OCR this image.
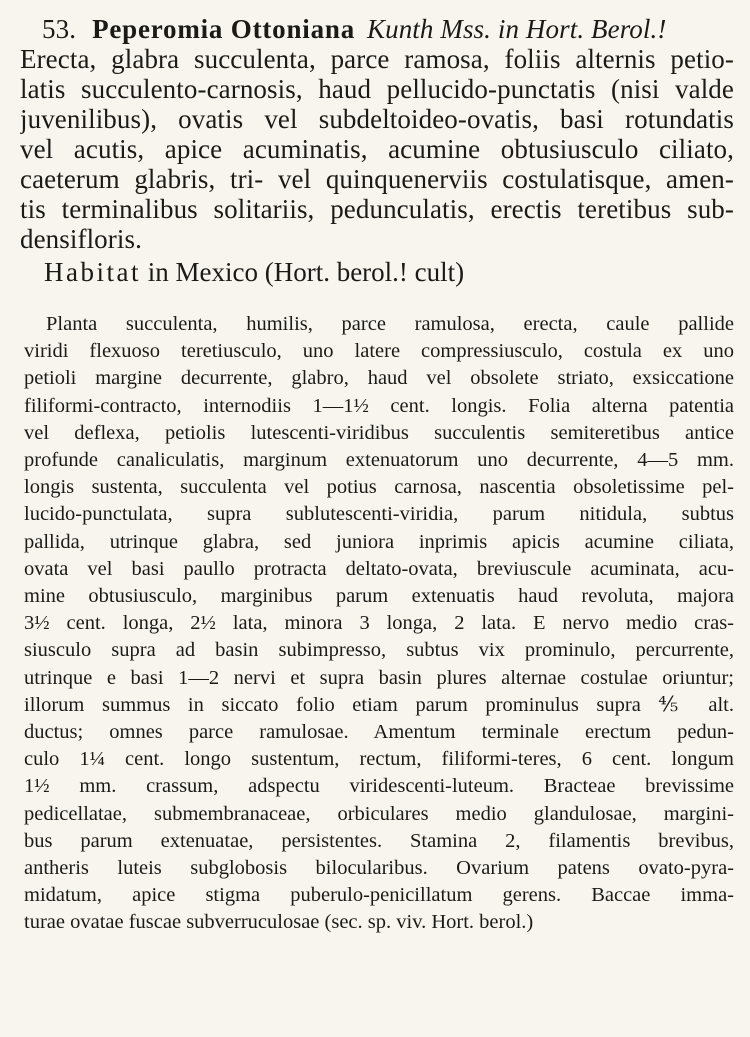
53. Peperomia Ottoniana Kunth Mss. in Hort. Berol.!
Erecta, glabra succulenta, parce ramosa, foliis alternis petio-
latis succulento-carnosis, haud pellucido-punctatis (nisi valde
juvenilibus), ovatis vel subdeltoideo-ovatis, basi rotundatis
vel acutis, apice acuminatis, acumine obtusiusculo ciliato,
caeterum glabris, tri- vel quinquenerviis costulatisque, amen-
tis terminalibus solitariis, pedunculatis, erectis teretibus sub-
densifloris.
Habitat in Mexico (Hort. berol.! cult)
Planta succulenta, humilis, parce ramulosa, erecta, caule pallide
viridi flexuoso teretiusculo, uno latere compressiusculo, costula ex uno
petioli margine decurrente, glabro, haud vel obsolete striato, exsiccatione
filiformi-contracto, internodiis 1—1½ cent. longis. Folia alterna patentia
vel deflexa, petiolis lutescenti-viridibus succulentis semiteretibus antice
profunde canaliculatis, marginum extenuatorum uno decurrente, 4—5 mm.
longis sustenta, succulenta vel potius carnosa, nascentia obsoletissime pel-
lucido-punctulata, supra sublutescenti-viridia, parum nitidula, subtus
pallida, utrinque glabra, sed juniora inprimis apicis acumine ciliata,
ovata vel basi paullo protracta deltato-ovata, breviuscule acuminata, acu-
mine obtusiusculo, marginibus parum extenuatis haud revoluta, majora
3½ cent. longa, 2½ lata, minora 3 longa, 2 lata. E nervo medio cras-
siusculo supra ad basin subimpresso, subtus vix prominulo, percurrente,
utrinque e basi 1—2 nervi et supra basin plures alternae costulae oriuntur;
illorum summus in siccato folio etiam parum prominulus supra ⅘ alt.
ductus; omnes parce ramulosae. Amentum terminale erectum pedun-
culo 1¼ cent. longo sustentum, rectum, filiformi-teres, 6 cent. longum
1½ mm. crassum, adspectu viridescenti-luteum. Bracteae brevissime
pedicellatae, submembranaceae, orbiculares medio glandulosae, margini-
bus parum extenuatae, persistentes. Stamina 2, filamentis brevibus,
antheris luteis subglobosis bilocularibus. Ovarium patens ovato-pyra-
midatum, apice stigma puberulo-penicillatum gerens. Baccae imma-
turae ovatae fuscae subverruculosae (sec. sp. viv. Hort. berol.)
